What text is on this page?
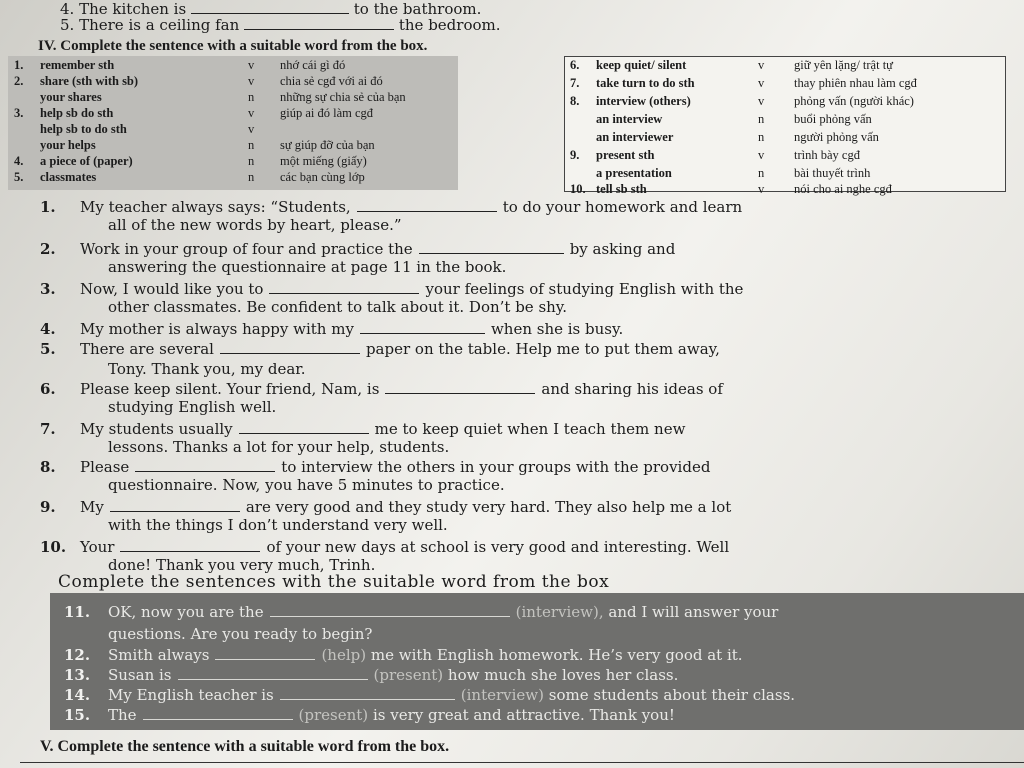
4. The kitchen is	to the bathroom.
5. There is a ceiling fan	the bedroom.
IV. Complete the sentence with a suitable word from the box.
1. remember sth	v nhớ cái gì đó
2. share (sth with sb)	v chia sẻ cgđ với ai đó
your shares	n những sự chia sẻ của bạn
3. help sb do sth	v giúp ai đó làm cgđ
help sb to do sth	v
your helps	n sự giúp đỡ của bạn
4. a piece of (paper)	n một miếng (giấy)
5. classmates	n các bạn cùng lớp
6. keep quiet/ silent	v giữ yên lặng/ trật tự
7. take turn to do sth	v thay phiên nhau làm cgđ
8. interview (others)	v phỏng vấn (người khác)
an interview	n buổi phỏng vấn
an interviewer	n người phỏng vấn
9. present sth	v trình bày cgđ
a presentation	n bài thuyết trình
10. tell sb sth	v nói cho ai nghe cgđ
1. My teacher always says: “Students,	to do your homework and learn
all of the new words by heart, please.”
2. Work in your group of four and practice the	by asking and
answering the questionnaire at page 11 in the book.
3. Now, I would like you to	your feelings of studying English with the
other classmates. Be confident to talk about it. Don’t be shy.
4. My mother is always happy with my	when she is busy.
5. There are several	paper on the table. Help me to put them away,
Tony. Thank you, my dear.
6. Please keep silent. Your friend, Nam, is	and sharing his ideas of
studying English well.
7. My students usually	me to keep quiet when I teach them new
lessons. Thanks a lot for your help, students.
8. Please	to interview the others in your groups with the provided
questionnaire. Now, you have 5 minutes to practice.
9. My	are very good and they study very hard. They also help me a lot
with the things I don’t understand very well.
10. Your	of your new days at school is very good and interesting. Well
done! Thank you very much, Trinh.
Complete the sentences with the suitable word from the box
11. OK, now you are the	(interview), and I will answer your
questions. Are you ready to begin?
12. Smith always	(help) me with English homework. He’s very good at it.
13. Susan is	(present) how much she loves her class.
14. My English teacher is	(interview) some students about their class.
15. The	(present) is very great and attractive. Thank you!
V. Complete the sentence with a suitable word from the box.
